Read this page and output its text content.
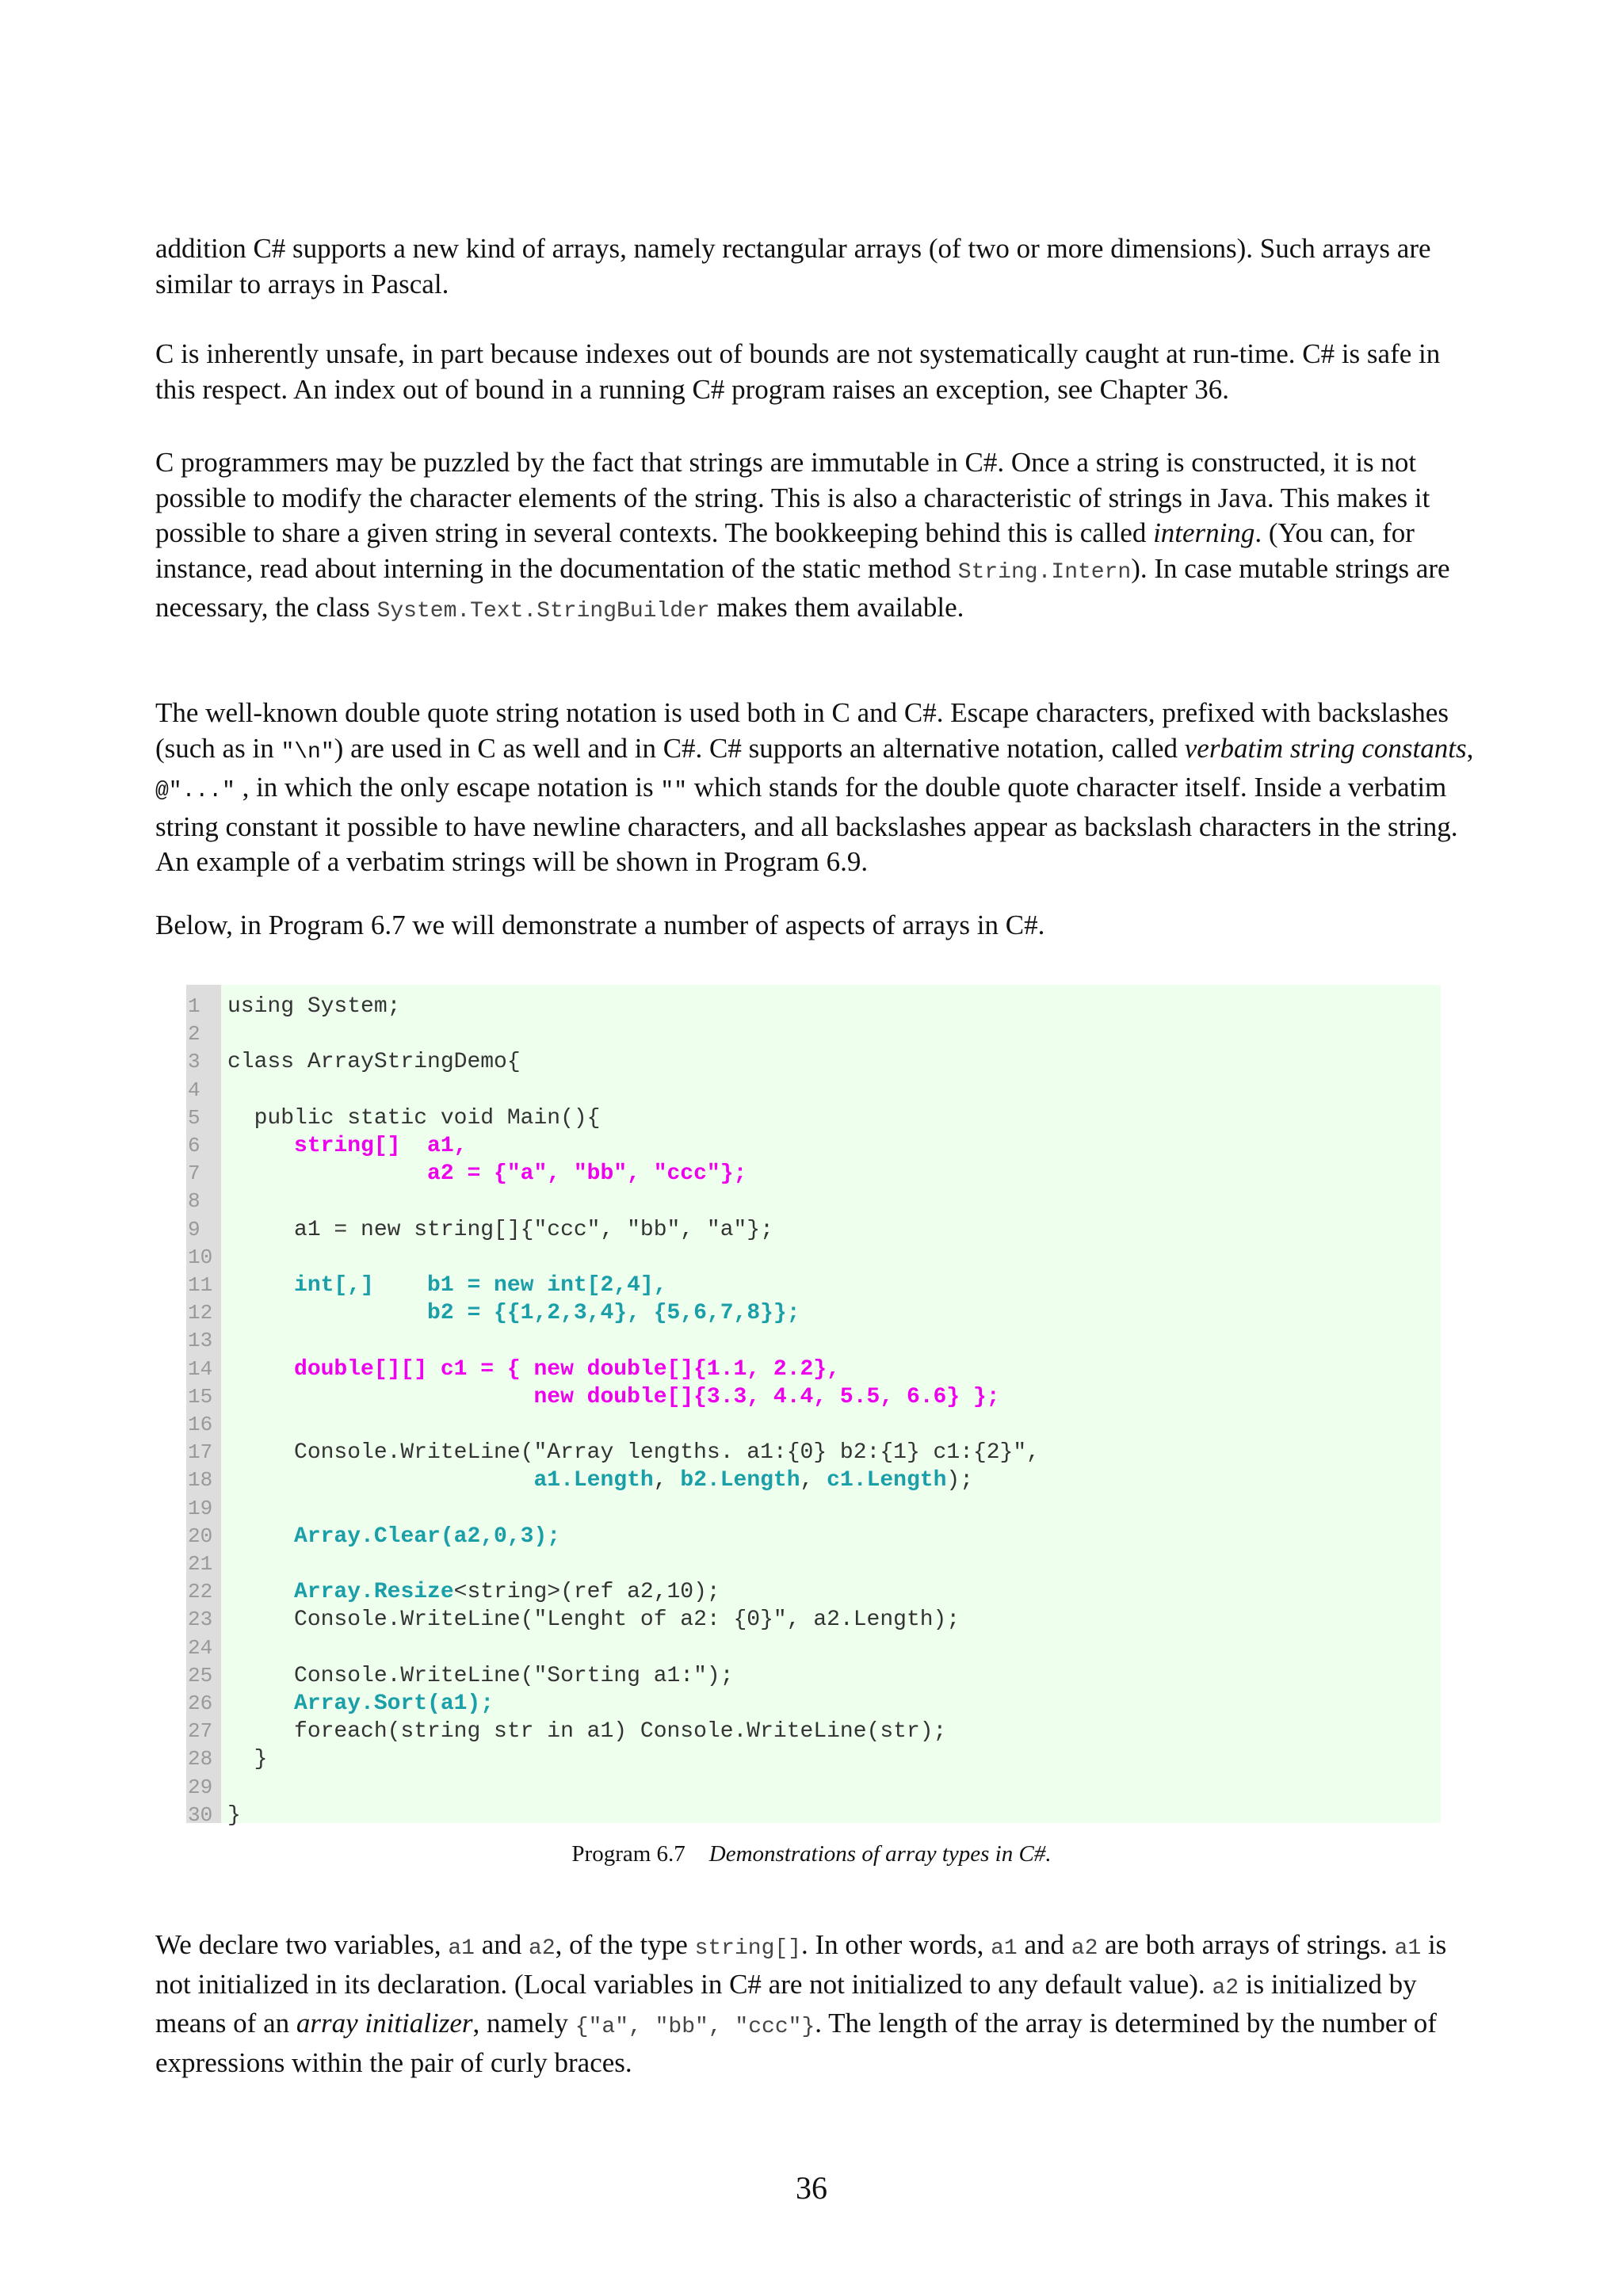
addition C# supports a new kind of arrays, namely rectangular arrays (of two or more dimensions). Such arrays are similar to arrays in Pascal.

C is inherently unsafe, in part because indexes out of bounds are not systematically caught at run-time. C# is safe in this respect. An index out of bound in a running C# program raises an exception, see Chapter 36.

C programmers may be puzzled by the fact that strings are immutable in C#. Once a string is constructed, it is not possible to modify the character elements of the string. This is also a characteristic of strings in Java. This makes it possible to share a given string in several contexts. The bookkeeping behind this is called interning. (You can, for instance, read about interning in the documentation of the static method String.Intern). In case mutable strings are necessary, the class System.Text.StringBuilder makes them available.

The well-known double quote string notation is used both in C and C#. Escape characters, prefixed with backslashes (such as in "\n") are used in C as well and in C#. C# supports an alternative notation, called verbatim string constants, @"..." , in which the only escape notation is "" which stands for the double quote character itself. Inside a verbatim string constant it possible to have newline characters, and all backslashes appear as backslash characters in the string. An example of a verbatim strings will be shown in Program 6.9.

Below, in Program 6.7 we will demonstrate a number of aspects of arrays in C#.

1	using System;
2
3	class ArrayStringDemo{
4
5	public static void Main(){
6	string[]  a1,
7	a2 = {"a", "bb", "ccc"};
8
9	a1 = new string[]{"ccc", "bb", "a"};
10
11	int[,]    b1 = new int[2,4],
12	b2 = {{1,2,3,4}, {5,6,7,8}};
13
14	double[][] c1 = { new double[]{1.1, 2.2},
15	new double[]{3.3, 4.4, 5.5, 6.6} };
16
17 Console.WriteLine("Array lengths. a1:{0} b2:{1} c1:{2}",
18	a1.Length, b2.Length, c1.Length);
19
20	Array.Clear(a2,0,3);
21
22	Array.Resize<string>(ref a2,10);
23 Console.WriteLine("Lenght of a2: {0}", a2.Length);
24
25 Console.WriteLine("Sorting a1:");
26	Array.Sort(a1);
27 foreach(string str in a1) Console.WriteLine(str);
28 }
29
30 }
Program 6.7 Demonstrations of array types in C#.

We declare two variables, a1 and a2, of the type string[]. In other words, a1 and a2 are both arrays of strings. a1 is not initialized in its declaration. (Local variables in C# are not initialized to any default value). a2 is initialized by means of an array initializer, namely {"a", "bb", "ccc"}. The length of the array is determined by the number of expressions within the pair of curly braces.

36
